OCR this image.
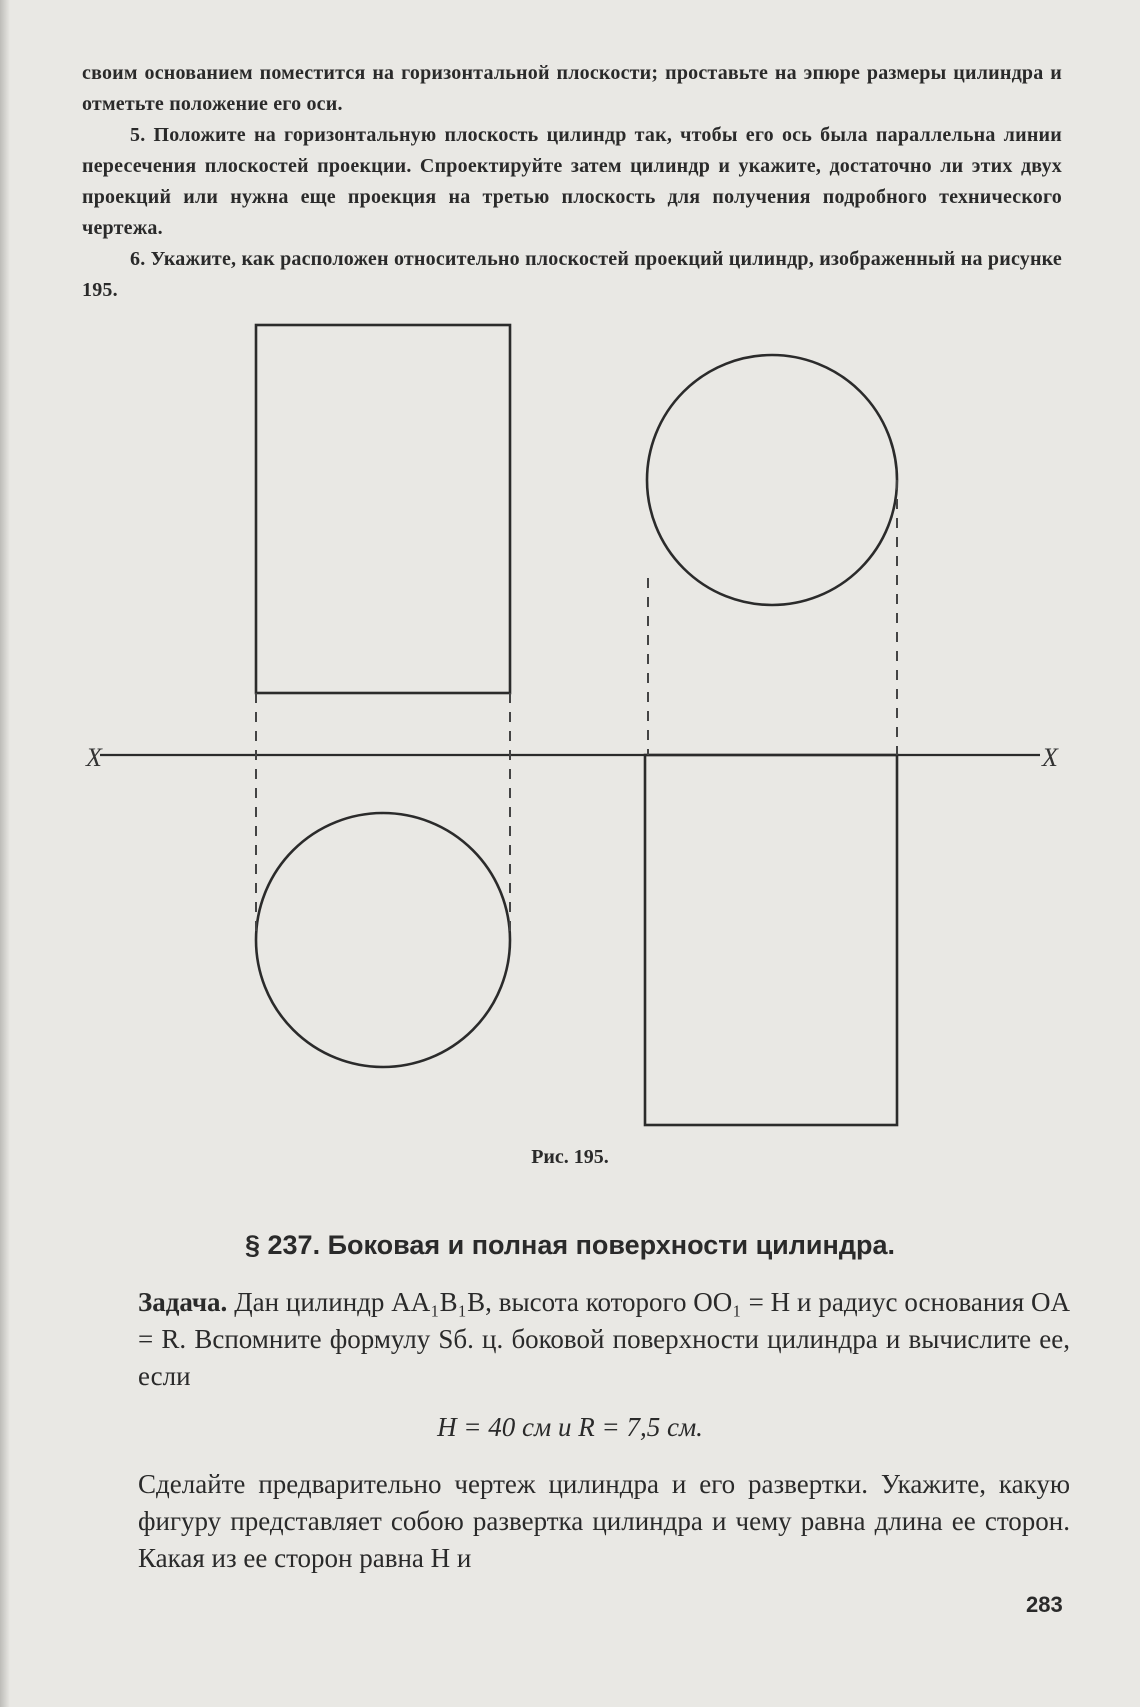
своим основанием поместится на горизонтальной плоскости; проставьте на эпюре размеры цилиндра и отметьте положение его оси.

5. Положите на горизонтальную плоскость цилиндр так, чтобы его ось была параллельна линии пересечения плоскостей проекции. Спроектируйте затем цилиндр и укажите, достаточно ли этих двух проекций или нужна еще проекция на третью плоскость для получения подробного технического чертежа.

6. Укажите, как расположен относительно плоскостей проекций цилиндр, изображенный на рисунке 195.

X	X
Рис. 195.
§ 237. Боковая и полная поверхности цилиндра.

Задача. Дан цилиндр AA₁B₁B, высота которого OO₁ = H и радиус основания OA = R. Вспомните формулу Sб. ц. боковой поверхности цилиндра и вычислите ее, если

H = 40 см и R = 7,5 см.

Сделайте предварительно чертеж цилиндра и его развертки. Укажите, какую фигуру представляет собою развертка цилиндра и чему равна длина ее сторон. Какая из ее сторон равна H и

283
